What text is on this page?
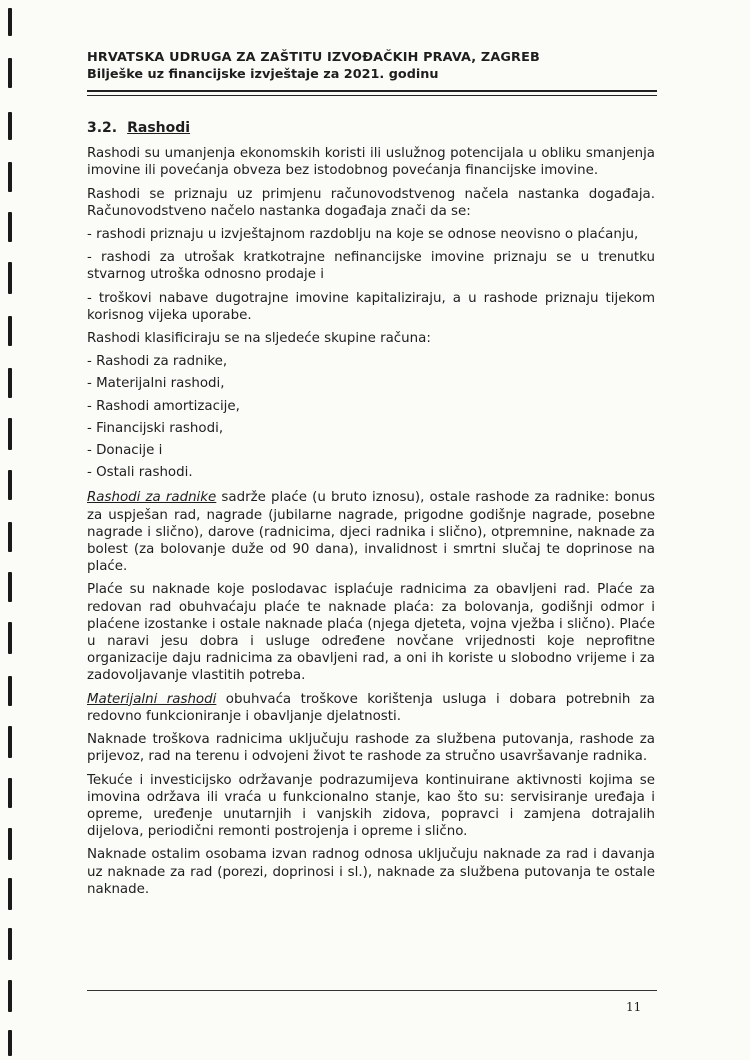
HRVATSKA UDRUGA ZA ZAŠTITU IZVOĐAČKIH PRAVA, ZAGREB
Bilješke uz financijske izvještaje za 2021. godinu
3.2. Rashodi

Rashodi su umanjenja ekonomskih koristi ili uslužnog potencijala u obliku smanjenja imovine ili povećanja obveza bez istodobnog povećanja financijske imovine.

Rashodi se priznaju uz primjenu računovodstvenog načela nastanka događaja. Računovodstveno načelo nastanka događaja znači da se:

- rashodi priznaju u izvještajnom razdoblju na koje se odnose neovisno o plaćanju,

- rashodi za utrošak kratkotrajne nefinancijske imovine priznaju se u trenutku stvarnog utroška odnosno prodaje i

- troškovi nabave dugotrajne imovine kapitaliziraju, a u rashode priznaju tijekom korisnog vijeka uporabe.

Rashodi klasificiraju se na sljedeće skupine računa:

- Rashodi za radnike,
- Materijalni rashodi,
- Rashodi amortizacije,
- Financijski rashodi,
- Donacije i
- Ostali rashodi.

Rashodi za radnike sadrže plaće (u bruto iznosu), ostale rashode za radnike: bonus za uspješan rad, nagrade (jubilarne nagrade, prigodne godišnje nagrade, posebne nagrade i slično), darove (radnicima, djeci radnika i slično), otpremnine, naknade za bolest (za bolovanje duže od 90 dana), invalidnost i smrtni slučaj te doprinose na plaće.

Plaće su naknade koje poslodavac isplaćuje radnicima za obavljeni rad. Plaće za redovan rad obuhvaćaju plaće te naknade plaća: za bolovanja, godišnji odmor i plaćene izostanke i ostale naknade plaća (njega djeteta, vojna vježba i slično). Plaće u naravi jesu dobra i usluge određene novčane vrijednosti koje neprofitne organizacije daju radnicima za obavljeni rad, a oni ih koriste u slobodno vrijeme i za zadovoljavanje vlastitih potreba.

Materijalni rashodi obuhvaća troškove korištenja usluga i dobara potrebnih za redovno funkcioniranje i obavljanje djelatnosti.

Naknade troškova radnicima uključuju rashode za službena putovanja, rashode za prijevoz, rad na terenu i odvojeni život te rashode za stručno usavršavanje radnika.

Tekuće i investicijsko održavanje podrazumijeva kontinuirane aktivnosti kojima se imovina održava ili vraća u funkcionalno stanje, kao što su: servisiranje uređaja i opreme, uređenje unutarnjih i vanjskih zidova, popravci i zamjena dotrajalih dijelova, periodični remonti postrojenja i opreme i slično.

Naknade ostalim osobama izvan radnog odnosa uključuju naknade za rad i davanja uz naknade za rad (porezi, doprinosi i sl.), naknade za službena putovanja te ostale naknade.

11
